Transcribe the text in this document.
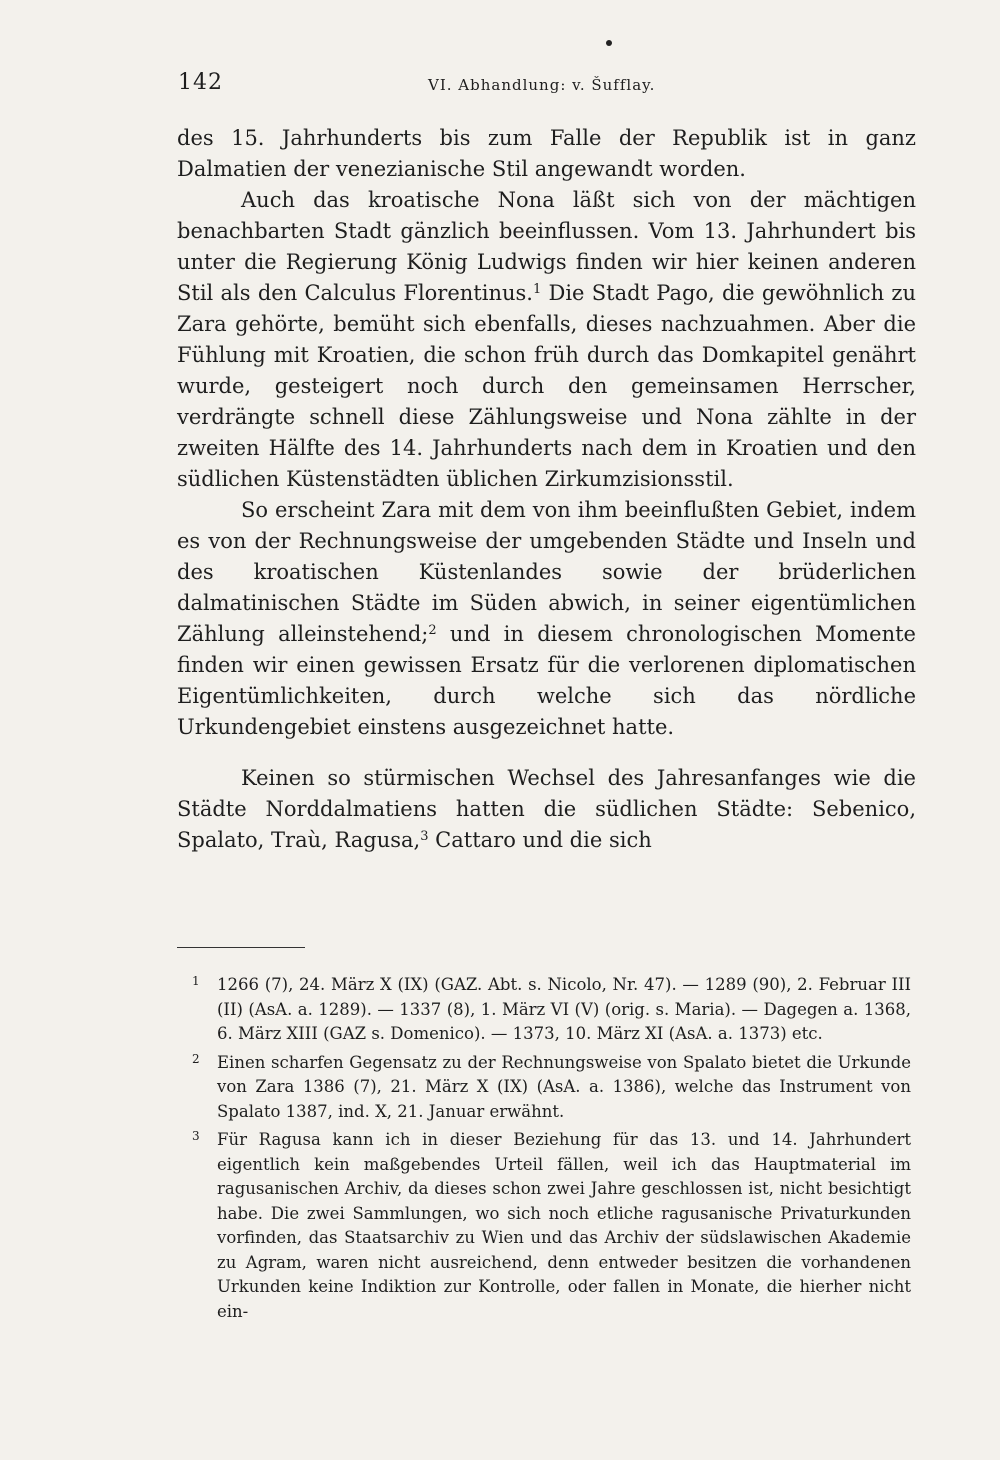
142	VI. Abhandlung: v. Šufflay.

des 15. Jahrhunderts bis zum Falle der Republik ist in ganz Dalmatien der venezianische Stil angewandt worden.

Auch das kroatische Nona läßt sich von der mächtigen benachbarten Stadt gänzlich beeinflussen. Vom 13. Jahrhundert bis unter die Regierung König Ludwigs finden wir hier keinen anderen Stil als den Calculus Florentinus.$^1$ Die Stadt Pago, die gewöhnlich zu Zara gehörte, bemüht sich ebenfalls, dieses nachzuahmen. Aber die Fühlung mit Kroatien, die schon früh durch das Domkapitel genährt wurde, gesteigert noch durch den gemeinsamen Herrscher, verdrängte schnell diese Zählungsweise und Nona zählte in der zweiten Hälfte des 14. Jahrhunderts nach dem in Kroatien und den südlichen Küstenstädten üblichen Zirkumzisionsstil.

So erscheint Zara mit dem von ihm beeinflußten Gebiet, indem es von der Rechnungsweise der umgebenden Städte und Inseln und des kroatischen Küstenlandes sowie der brüderlichen dalmatinischen Städte im Süden abwich, in seiner eigentümlichen Zählung alleinstehend;$^2$ und in diesem chronologischen Momente finden wir einen gewissen Ersatz für die verlorenen diplomatischen Eigentümlichkeiten, durch welche sich das nördliche Urkundengebiet einstens ausgezeichnet hatte.

Keinen so stürmischen Wechsel des Jahresanfanges wie die Städte Norddalmatiens hatten die südlichen Städte: Sebenico, Spalato, Traù, Ragusa,$^3$ Cattaro und die sich

1 1266 (7), 24. März X (IX) (GAZ. Abt. s. Nicolo, Nr. 47). — 1289 (90), 2. Februar III (II) (AsA. a. 1289). — 1337 (8), 1. März VI (V) (orig. s. Maria). — Dagegen a. 1368, 6. März XIII (GAZ s. Domenico). — 1373, 10. März XI (AsA. a. 1373) etc.

2 Einen scharfen Gegensatz zu der Rechnungsweise von Spalato bietet die Urkunde von Zara 1386 (7), 21. März X (IX) (AsA. a. 1386), welche das Instrument von Spalato 1387, ind. X, 21. Januar erwähnt.

3 Für Ragusa kann ich in dieser Beziehung für das 13. und 14. Jahrhundert eigentlich kein maßgebendes Urteil fällen, weil ich das Hauptmaterial im ragusanischen Archiv, da dieses schon zwei Jahre geschlossen ist, nicht besichtigt habe. Die zwei Sammlungen, wo sich noch etliche ragusanische Privaturkunden vorfinden, das Staatsarchiv zu Wien und das Archiv der südslawischen Akademie zu Agram, waren nicht ausreichend, denn entweder besitzen die vorhandenen Urkunden keine Indiktion zur Kontrolle, oder fallen in Monate, die hierher nicht ein-
